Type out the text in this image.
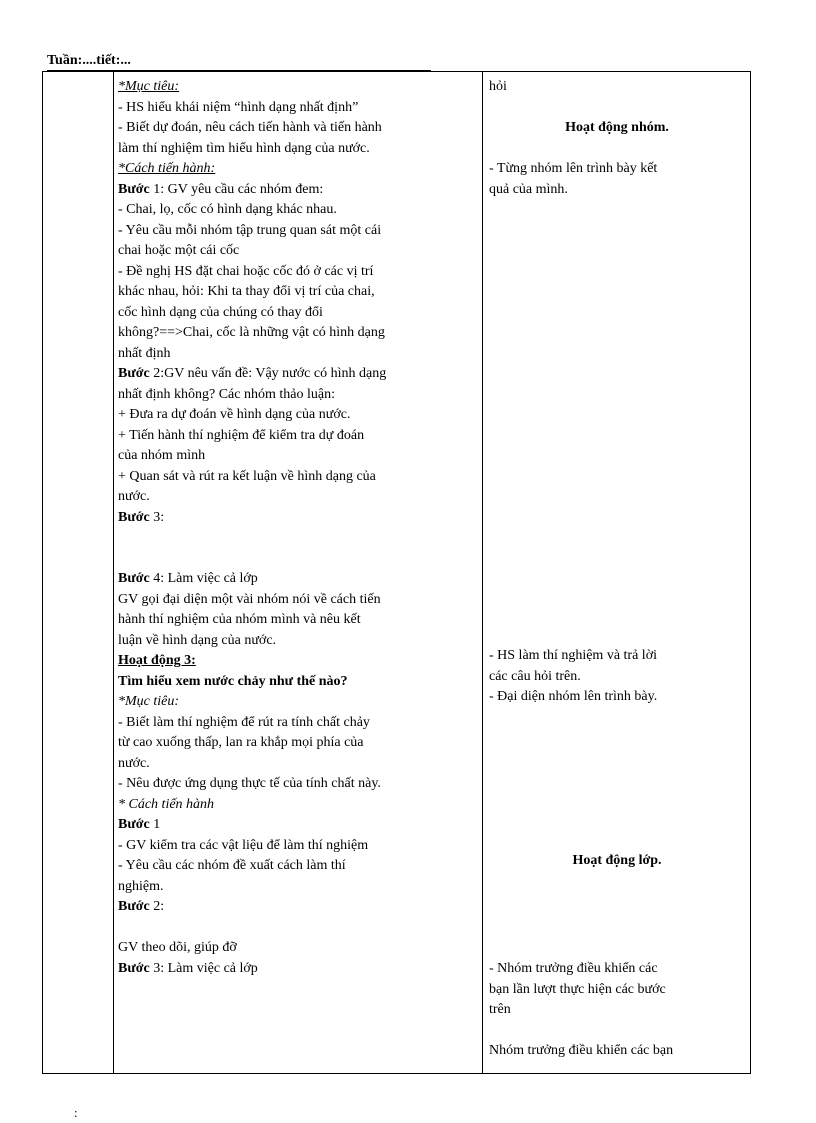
Tuần:....tiết:...
*Mục tiêu:
- HS hiểu khái niệm “hình dạng nhất định”
- Biết dự đoán, nêu cách tiến hành và tiến hành
làm thí nghiệm tìm hiểu hình dạng của nước.
*Cách tiến hành:
Bước 1: GV yêu cầu các nhóm đem:
- Chai, lọ, cốc có hình dạng khác nhau.
- Yêu cầu mỗi nhóm tập trung quan sát một cái
chai hoặc một cái cốc
- Đề nghị HS đặt chai hoặc cốc đó ở các vị trí
khác nhau, hỏi: Khi ta thay đổi vị trí của chai,
cốc hình dạng của chúng có thay đổi
không?==>Chai, cốc là những vật có hình dạng
nhất định
Bước 2:GV nêu vấn đề: Vậy nước có hình dạng
nhất định không? Các nhóm thảo luận:
+ Đưa ra dự đoán về hình dạng của nước.
+ Tiến hành thí nghiệm để kiểm tra dự đoán
của nhóm mình
+ Quan sát và rút ra kết luận về hình dạng của
nước.
Bước 3:
Bước 4: Làm việc cả lớp
GV gọi đại diện một vài nhóm nói về cách tiến
hành thí nghiệm của nhóm mình và nêu kết
luận về hình dạng của nước.
Hoạt động 3:
Tìm hiểu xem nước chảy như thế nào?
*Mục tiêu:
- Biết làm thí nghiệm để rút ra tính chất chảy
từ cao xuống thấp, lan ra khắp mọi phía của
nước.
- Nêu được ứng dụng thực tế của tính chất này.
* Cách tiến hành
Bước 1
- GV kiểm tra các vật liệu để làm thí nghiệm
- Yêu cầu các nhóm đề xuất cách làm thí
nghiệm.
Bước 2:
GV theo dõi, giúp đỡ
Bước 3: Làm việc cả lớp
hỏi
Hoạt động nhóm.
- Từng nhóm lên trình bày kết
quả của mình.
- HS làm thí nghiệm và trả lời
các câu hỏi trên.
- Đại diện nhóm lên trình bày.
Hoạt động lớp.
- Nhóm trưởng điều khiển các
bạn lần lượt thực hiện các bước
trên
Nhóm trưởng điều khiển các bạn
:
